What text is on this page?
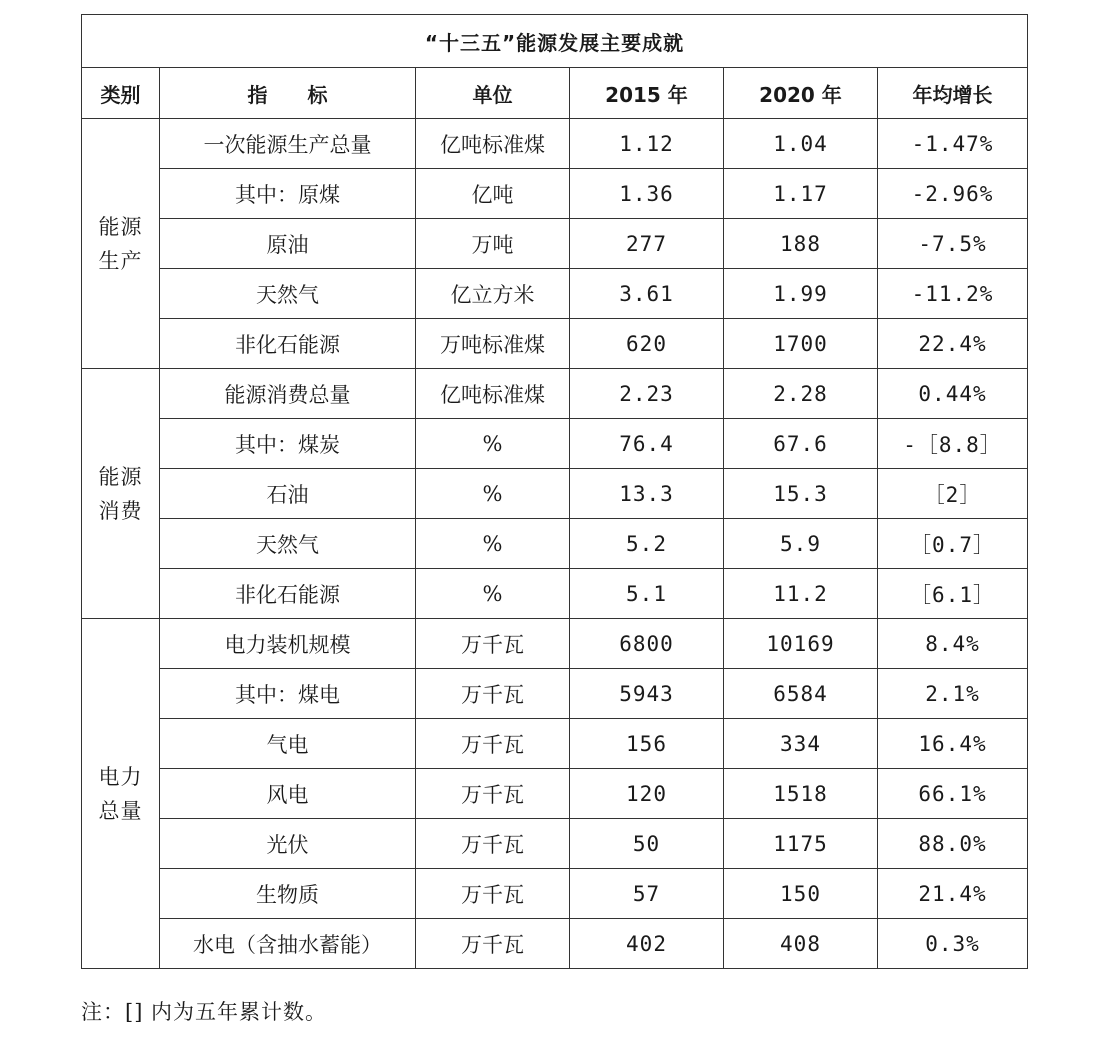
“十三五”能源发展主要成就					
类别	指　　标	单位	2015 年	2020 年	年均增长
能源
生产	一次能源生产总量	亿吨标准煤	1.12	1.04	-1.47%
	其中：原煤	亿吨	1.36	1.17	-2.96%
	原油	万吨	277	188	-7.5%
	天然气	亿立方米	3.61	1.99	-11.2%
	非化石能源	万吨标准煤	620	1700	22.4%
能源
消费	能源消费总量	亿吨标准煤	2.23	2.28	0.44%
	其中：煤炭	%	76.4	67.6	-［8.8］
	石油	%	13.3	15.3	［2］
	天然气	%	5.2	5.9	［0.7］
	非化石能源	%	5.1	11.2	［6.1］
电力
总量	电力装机规模	万千瓦	6800	10169	8.4%
	其中：煤电	万千瓦	5943	6584	2.1%
	气电	万千瓦	156	334	16.4%
	风电	万千瓦	120	1518	66.1%
	光伏	万千瓦	50	1175	88.0%
	生物质	万千瓦	57	150	21.4%
	水电（含抽水蓄能）	万千瓦	402	408	0.3%
注：[] 内为五年累计数。
